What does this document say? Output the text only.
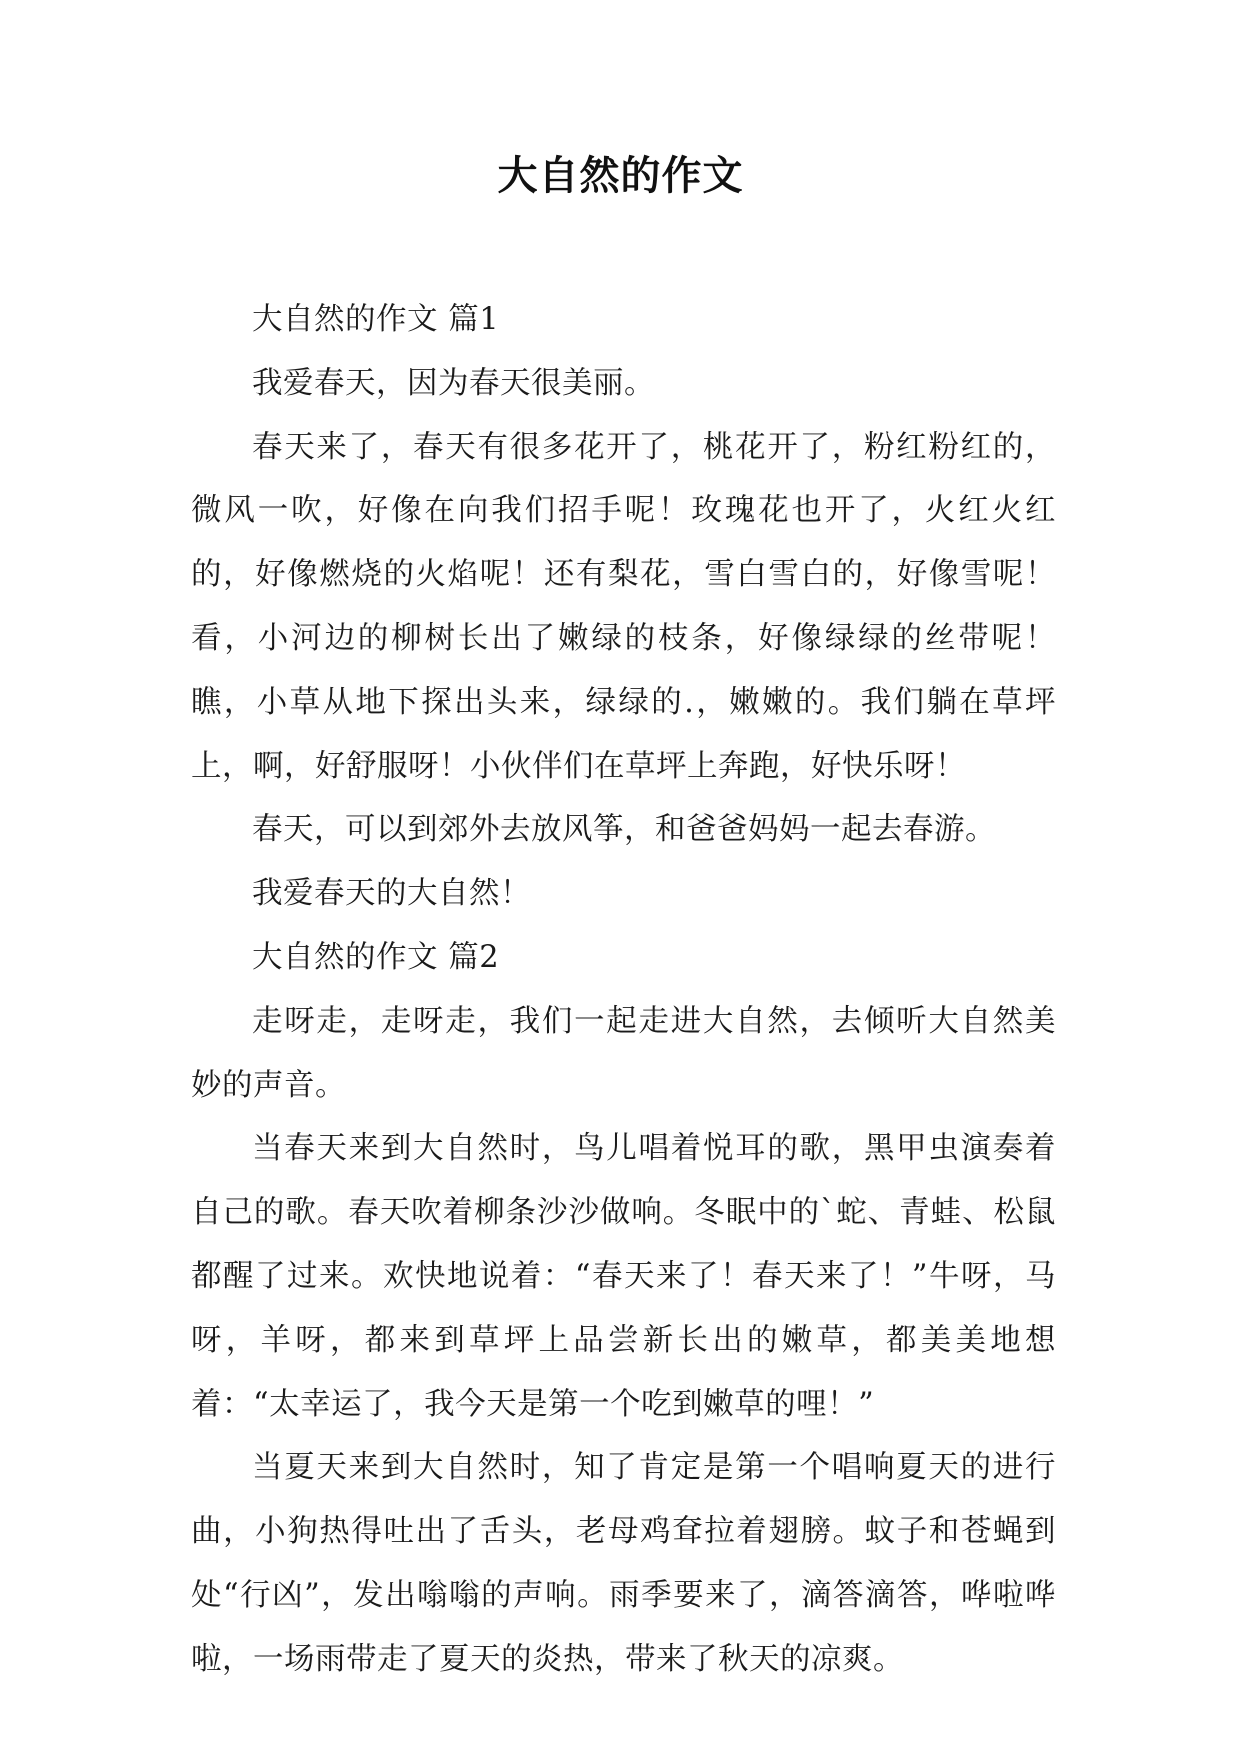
大自然的作文

大自然的作文 篇1

我爱春天，因为春天很美丽。

春天来了，春天有很多花开了，桃花开了，粉红粉红的，微风一吹，好像在向我们招手呢！玫瑰花也开了，火红火红的，好像燃烧的火焰呢！还有梨花，雪白雪白的，好像雪呢！看，小河边的柳树长出了嫩绿的枝条，好像绿绿的丝带呢！瞧，小草从地下探出头来，绿绿的.，嫩嫩的。我们躺在草坪上，啊，好舒服呀！小伙伴们在草坪上奔跑，好快乐呀！

春天，可以到郊外去放风筝，和爸爸妈妈一起去春游。

我爱春天的大自然！

大自然的作文 篇2

走呀走，走呀走，我们一起走进大自然，去倾听大自然美妙的声音。

当春天来到大自然时，鸟儿唱着悦耳的歌，黑甲虫演奏着自己的歌。春天吹着柳条沙沙做响。冬眠中的`蛇、青蛙、松鼠都醒了过来。欢快地说着：“春天来了！春天来了！”牛呀，马呀，羊呀，都来到草坪上品尝新长出的嫩草，都美美地想着：“太幸运了，我今天是第一个吃到嫩草的哩！”

当夏天来到大自然时，知了肯定是第一个唱响夏天的进行曲，小狗热得吐出了舌头，老母鸡耷拉着翅膀。蚊子和苍蝇到处“行凶”，发出嗡嗡的声响。雨季要来了，滴答滴答，哗啦哗啦，一场雨带走了夏天的炎热，带来了秋天的凉爽。
